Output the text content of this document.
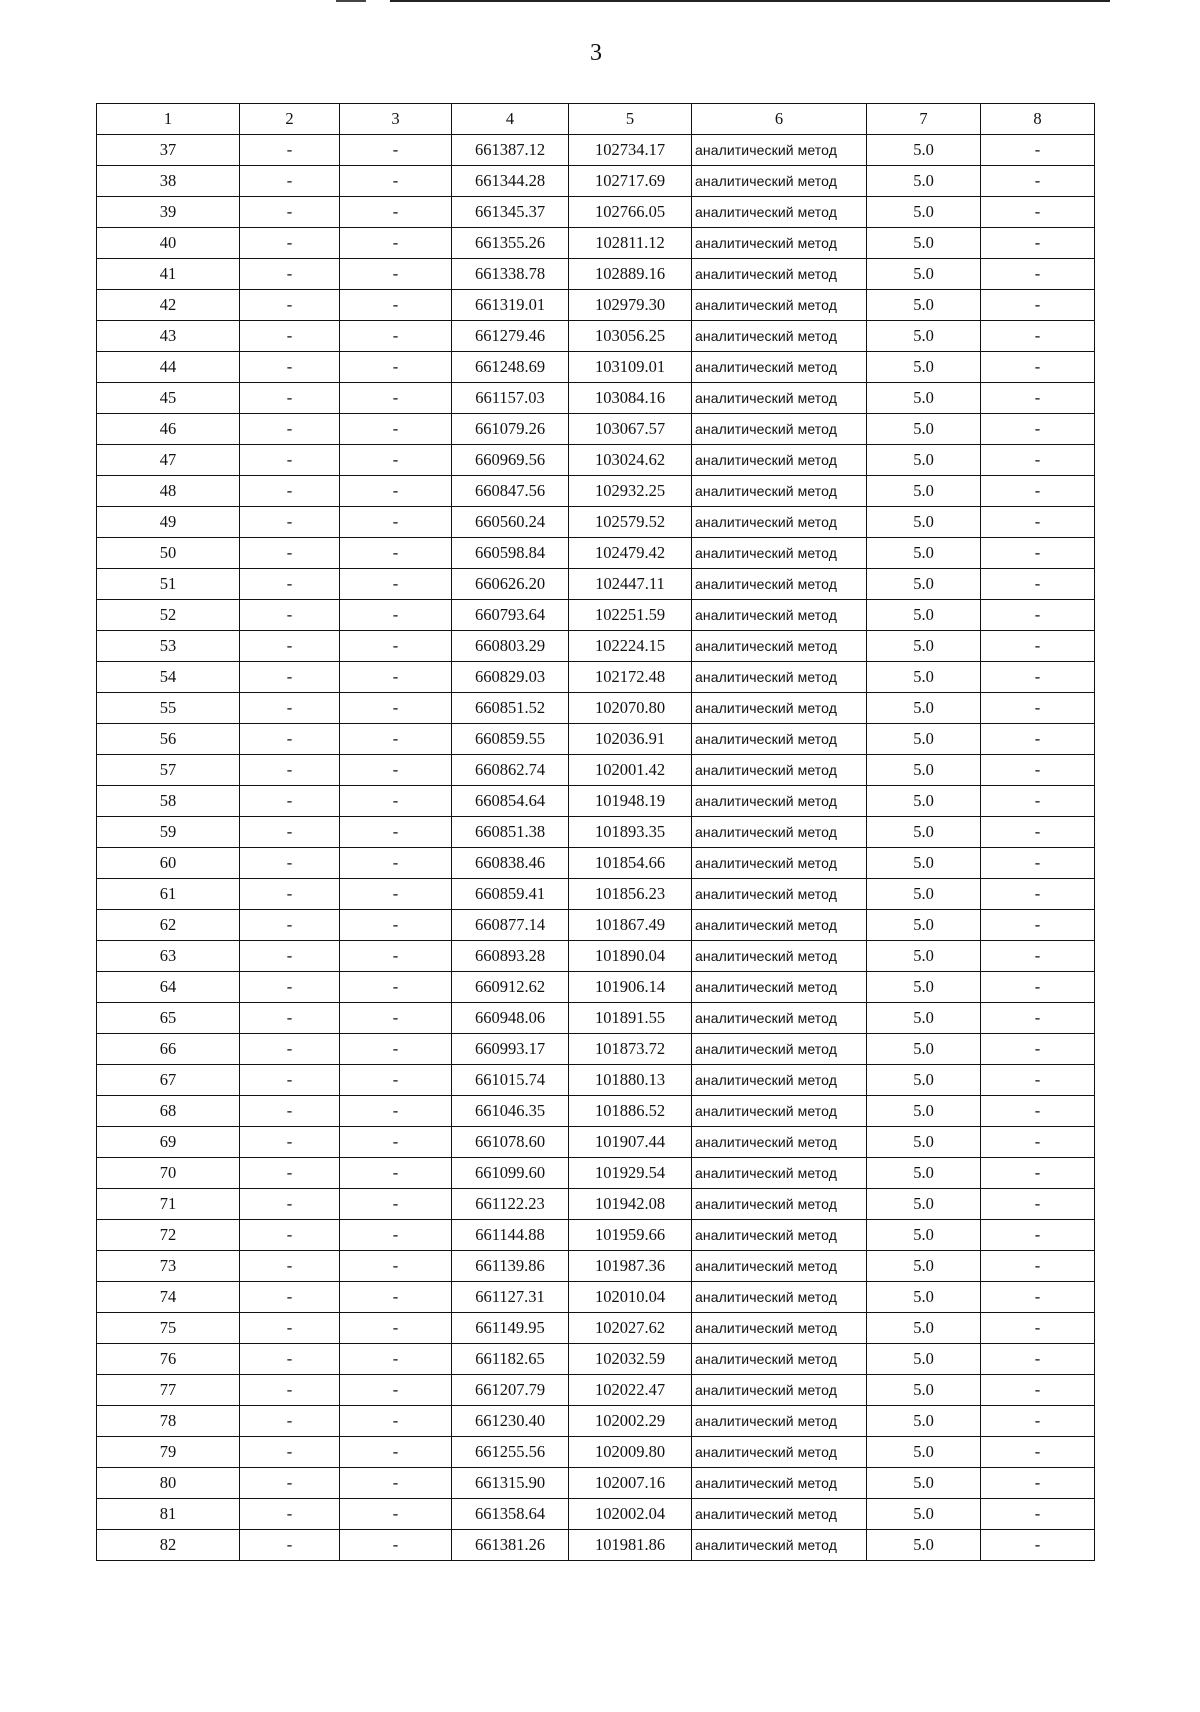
3
1	2	3	4	5	6	7	8
37	-	-	661387.12	102734.17	аналитический метод	5.0	-
38	-	-	661344.28	102717.69	аналитический метод	5.0	-
39	-	-	661345.37	102766.05	аналитический метод	5.0	-
40	-	-	661355.26	102811.12	аналитический метод	5.0	-
41	-	-	661338.78	102889.16	аналитический метод	5.0	-
42	-	-	661319.01	102979.30	аналитический метод	5.0	-
43	-	-	661279.46	103056.25	аналитический метод	5.0	-
44	-	-	661248.69	103109.01	аналитический метод	5.0	-
45	-	-	661157.03	103084.16	аналитический метод	5.0	-
46	-	-	661079.26	103067.57	аналитический метод	5.0	-
47	-	-	660969.56	103024.62	аналитический метод	5.0	-
48	-	-	660847.56	102932.25	аналитический метод	5.0	-
49	-	-	660560.24	102579.52	аналитический метод	5.0	-
50	-	-	660598.84	102479.42	аналитический метод	5.0	-
51	-	-	660626.20	102447.11	аналитический метод	5.0	-
52	-	-	660793.64	102251.59	аналитический метод	5.0	-
53	-	-	660803.29	102224.15	аналитический метод	5.0	-
54	-	-	660829.03	102172.48	аналитический метод	5.0	-
55	-	-	660851.52	102070.80	аналитический метод	5.0	-
56	-	-	660859.55	102036.91	аналитический метод	5.0	-
57	-	-	660862.74	102001.42	аналитический метод	5.0	-
58	-	-	660854.64	101948.19	аналитический метод	5.0	-
59	-	-	660851.38	101893.35	аналитический метод	5.0	-
60	-	-	660838.46	101854.66	аналитический метод	5.0	-
61	-	-	660859.41	101856.23	аналитический метод	5.0	-
62	-	-	660877.14	101867.49	аналитический метод	5.0	-
63	-	-	660893.28	101890.04	аналитический метод	5.0	-
64	-	-	660912.62	101906.14	аналитический метод	5.0	-
65	-	-	660948.06	101891.55	аналитический метод	5.0	-
66	-	-	660993.17	101873.72	аналитический метод	5.0	-
67	-	-	661015.74	101880.13	аналитический метод	5.0	-
68	-	-	661046.35	101886.52	аналитический метод	5.0	-
69	-	-	661078.60	101907.44	аналитический метод	5.0	-
70	-	-	661099.60	101929.54	аналитический метод	5.0	-
71	-	-	661122.23	101942.08	аналитический метод	5.0	-
72	-	-	661144.88	101959.66	аналитический метод	5.0	-
73	-	-	661139.86	101987.36	аналитический метод	5.0	-
74	-	-	661127.31	102010.04	аналитический метод	5.0	-
75	-	-	661149.95	102027.62	аналитический метод	5.0	-
76	-	-	661182.65	102032.59	аналитический метод	5.0	-
77	-	-	661207.79	102022.47	аналитический метод	5.0	-
78	-	-	661230.40	102002.29	аналитический метод	5.0	-
79	-	-	661255.56	102009.80	аналитический метод	5.0	-
80	-	-	661315.90	102007.16	аналитический метод	5.0	-
81	-	-	661358.64	102002.04	аналитический метод	5.0	-
82	-	-	661381.26	101981.86	аналитический метод	5.0	-
